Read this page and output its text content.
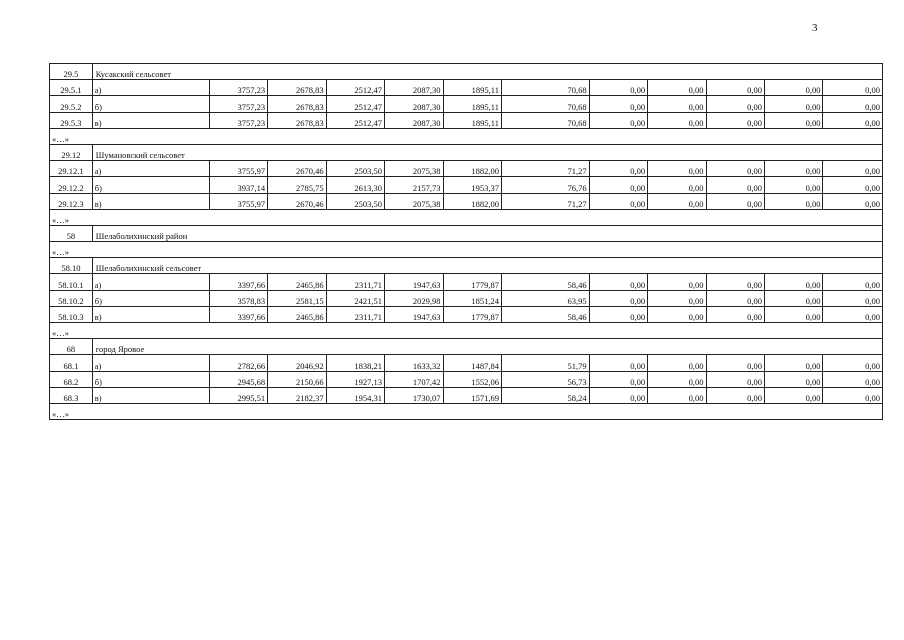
3
29.5	Кусакский сельсовет											
29.5.1	а)	3757,23	2678,83	2512,47	2087,30	1895,11	70,68	0,00	0,00	0,00	0,00	0,00
29.5.2	б)	3757,23	2678,83	2512,47	2087,30	1895,11	70,68	0,00	0,00	0,00	0,00	0,00
29.5.3	в)	3757,23	2678,83	2512,47	2087,30	1895,11	70,68	0,00	0,00	0,00	0,00	0,00
«…»												
29.12	Шумановский сельсовет											
29.12.1	а)	3755,97	2670,46	2503,50	2075,38	1882,00	71,27	0,00	0,00	0,00	0,00	0,00
29.12.2	б)	3937,14	2785,75	2613,30	2157,73	1953,37	76,76	0,00	0,00	0,00	0,00	0,00
29.12.3	в)	3755,97	2670,46	2503,50	2075,38	1882,00	71,27	0,00	0,00	0,00	0,00	0,00
«…»												
58	Шелаболихинский район											
«…»												
58.10	Шелаболихинский сельсовет											
58.10.1	а)	3397,66	2465,86	2311,71	1947,63	1779,87	58,46	0,00	0,00	0,00	0,00	0,00
58.10.2	б)	3578,83	2581,15	2421,51	2029,98	1851,24	63,95	0,00	0,00	0,00	0,00	0,00
58.10.3	в)	3397,66	2465,86	2311,71	1947,63	1779,87	58,46	0,00	0,00	0,00	0,00	0,00
«…»												
68	город Яровое											
68.1	а)	2782,66	2046,92	1838,21	1633,32	1487,84	51,79	0,00	0,00	0,00	0,00	0,00
68.2	б)	2945,68	2150,66	1927,13	1707,42	1552,06	56,73	0,00	0,00	0,00	0,00	0,00
68.3	в)	2995,51	2182,37	1954,31	1730,07	1571,69	58,24	0,00	0,00	0,00	0,00	0,00
«…»												
